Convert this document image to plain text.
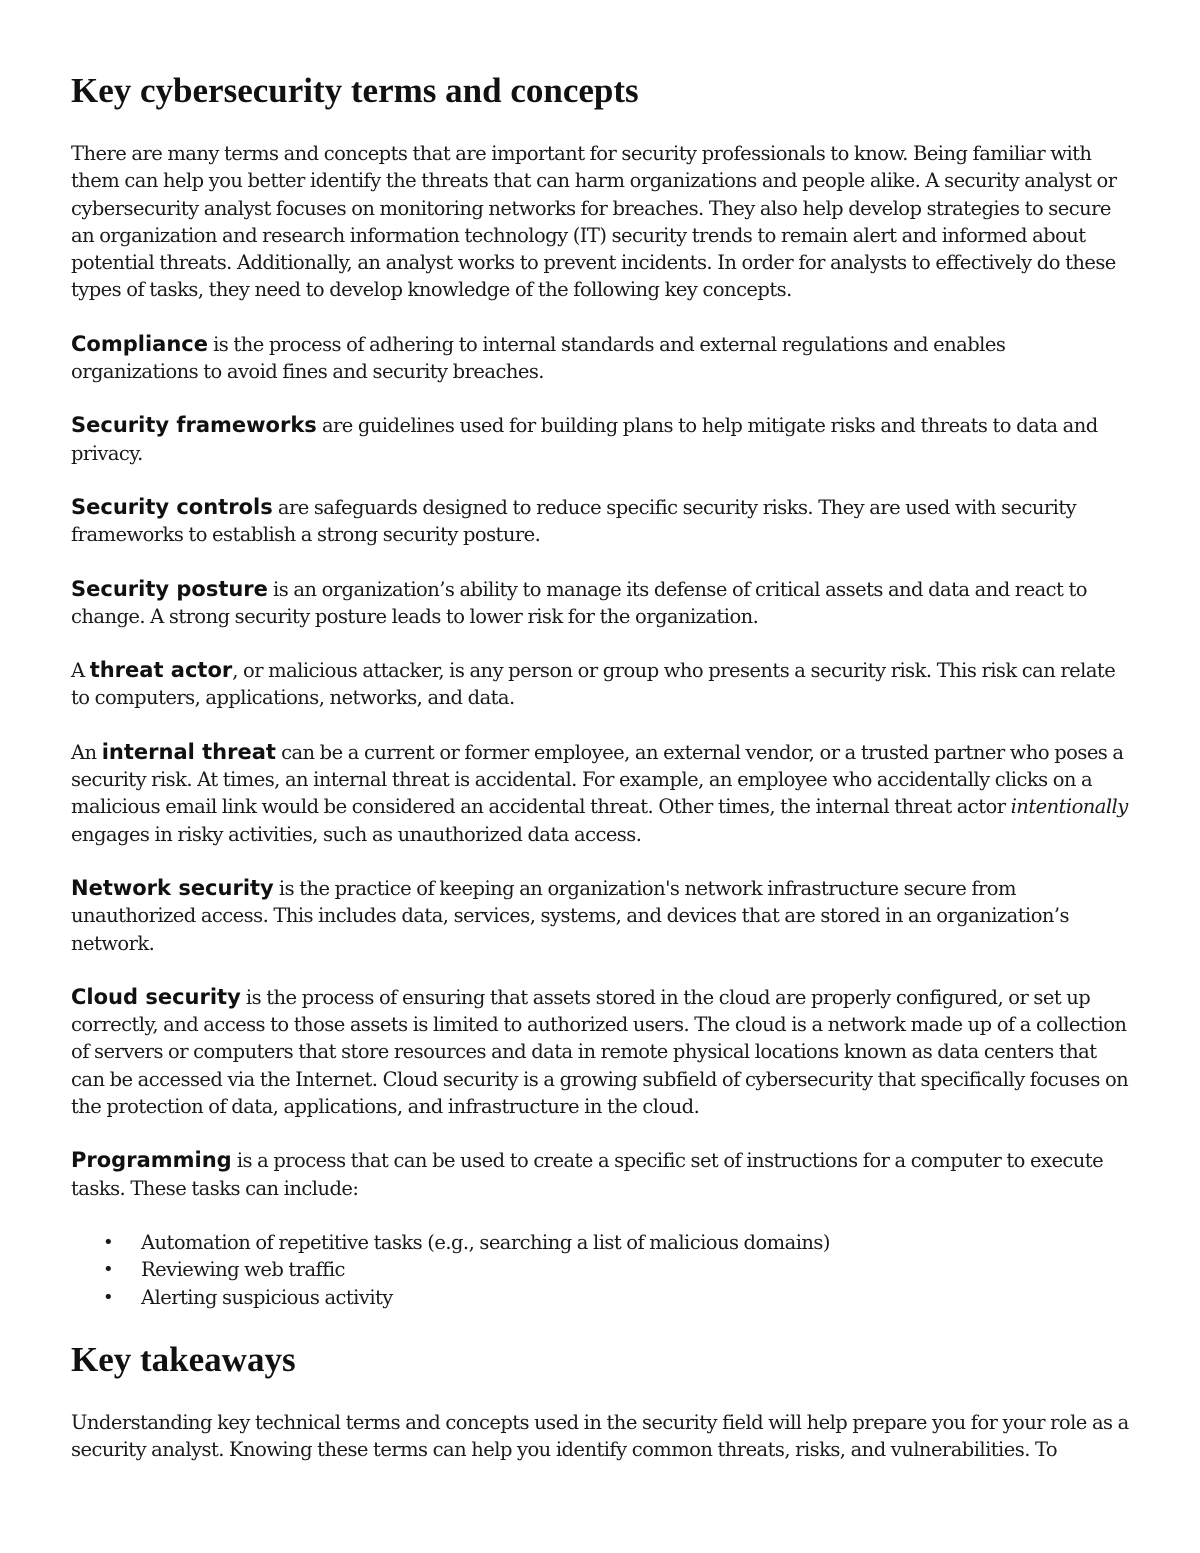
Key cybersecurity terms and concepts

There are many terms and concepts that are important for security professionals to know. Being familiar with them can help you better identify the threats that can harm organizations and people alike. A security analyst or cybersecurity analyst focuses on monitoring networks for breaches. They also help develop strategies to secure an organization and research information technology (IT) security trends to remain alert and informed about potential threats. Additionally, an analyst works to prevent incidents. In order for analysts to effectively do these types of tasks, they need to develop knowledge of the following key concepts.

Compliance is the process of adhering to internal standards and external regulations and enables organizations to avoid fines and security breaches.

Security frameworks are guidelines used for building plans to help mitigate risks and threats to data and privacy.

Security controls are safeguards designed to reduce specific security risks. They are used with security frameworks to establish a strong security posture.

Security posture is an organization’s ability to manage its defense of critical assets and data and react to change. A strong security posture leads to lower risk for the organization.

A threat actor, or malicious attacker, is any person or group who presents a security risk. This risk can relate to computers, applications, networks, and data.

An internal threat can be a current or former employee, an external vendor, or a trusted partner who poses a security risk. At times, an internal threat is accidental. For example, an employee who accidentally clicks on a malicious email link would be considered an accidental threat. Other times, the internal threat actor intentionally engages in risky activities, such as unauthorized data access.

Network security is the practice of keeping an organization's network infrastructure secure from unauthorized access. This includes data, services, systems, and devices that are stored in an organization’s network.

Cloud security is the process of ensuring that assets stored in the cloud are properly configured, or set up correctly, and access to those assets is limited to authorized users. The cloud is a network made up of a collection of servers or computers that store resources and data in remote physical locations known as data centers that can be accessed via the Internet. Cloud security is a growing subfield of cybersecurity that specifically focuses on the protection of data, applications, and infrastructure in the cloud.

Programming is a process that can be used to create a specific set of instructions for a computer to execute tasks. These tasks can include:

• Automation of repetitive tasks (e.g., searching a list of malicious domains)
• Reviewing web traffic
• Alerting suspicious activity
Key takeaways

Understanding key technical terms and concepts used in the security field will help prepare you for your role as a security analyst. Knowing these terms can help you identify common threats, risks, and vulnerabilities. To
